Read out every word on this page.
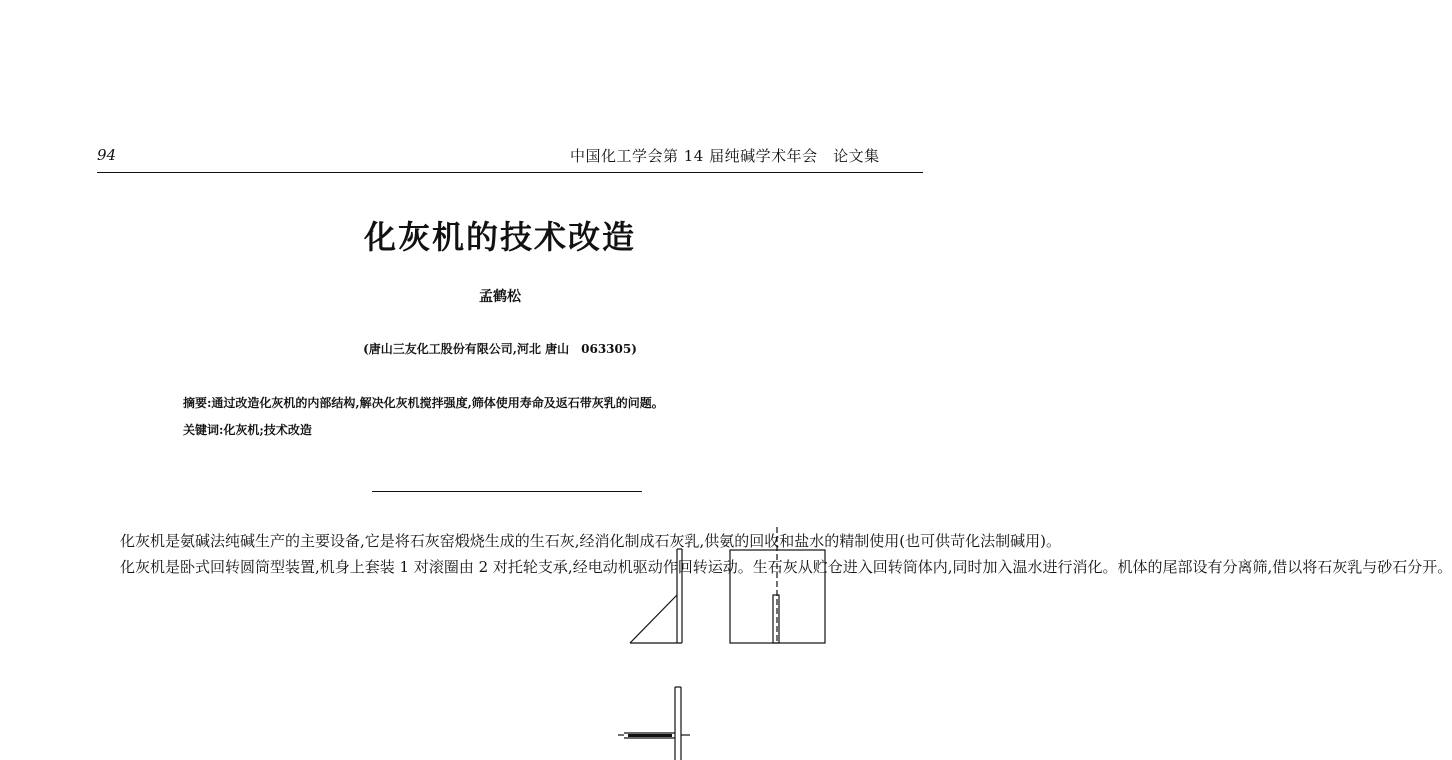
94	中国化工学会第 14 届纯碱学术年会　论文集
化灰机的技术改造
孟鹤松
(唐山三友化工股份有限公司,河北 唐山　063305)
摘要:通过改造化灰机的内部结构,解决化灰机搅拌强度,筛体使用寿命及返石带灰乳的问题。
关键词:化灰机;技术改造

化灰机是氨碱法纯碱生产的主要设备,它是将石灰窑煅烧生成的生石灰,经消化制成石灰乳,供氨的回收和盐水的精制使用(也可供苛化法制碱用)。

化灰机是卧式回转圆筒型装置,机身上套装 1 对滚圈由 2 对托轮支承,经电动机驱动作回转运动。生石灰从贮仓进入回转筒体内,同时加入温水进行消化。机体的尾部设有分离筛,借以将石灰乳与砂石分开。
